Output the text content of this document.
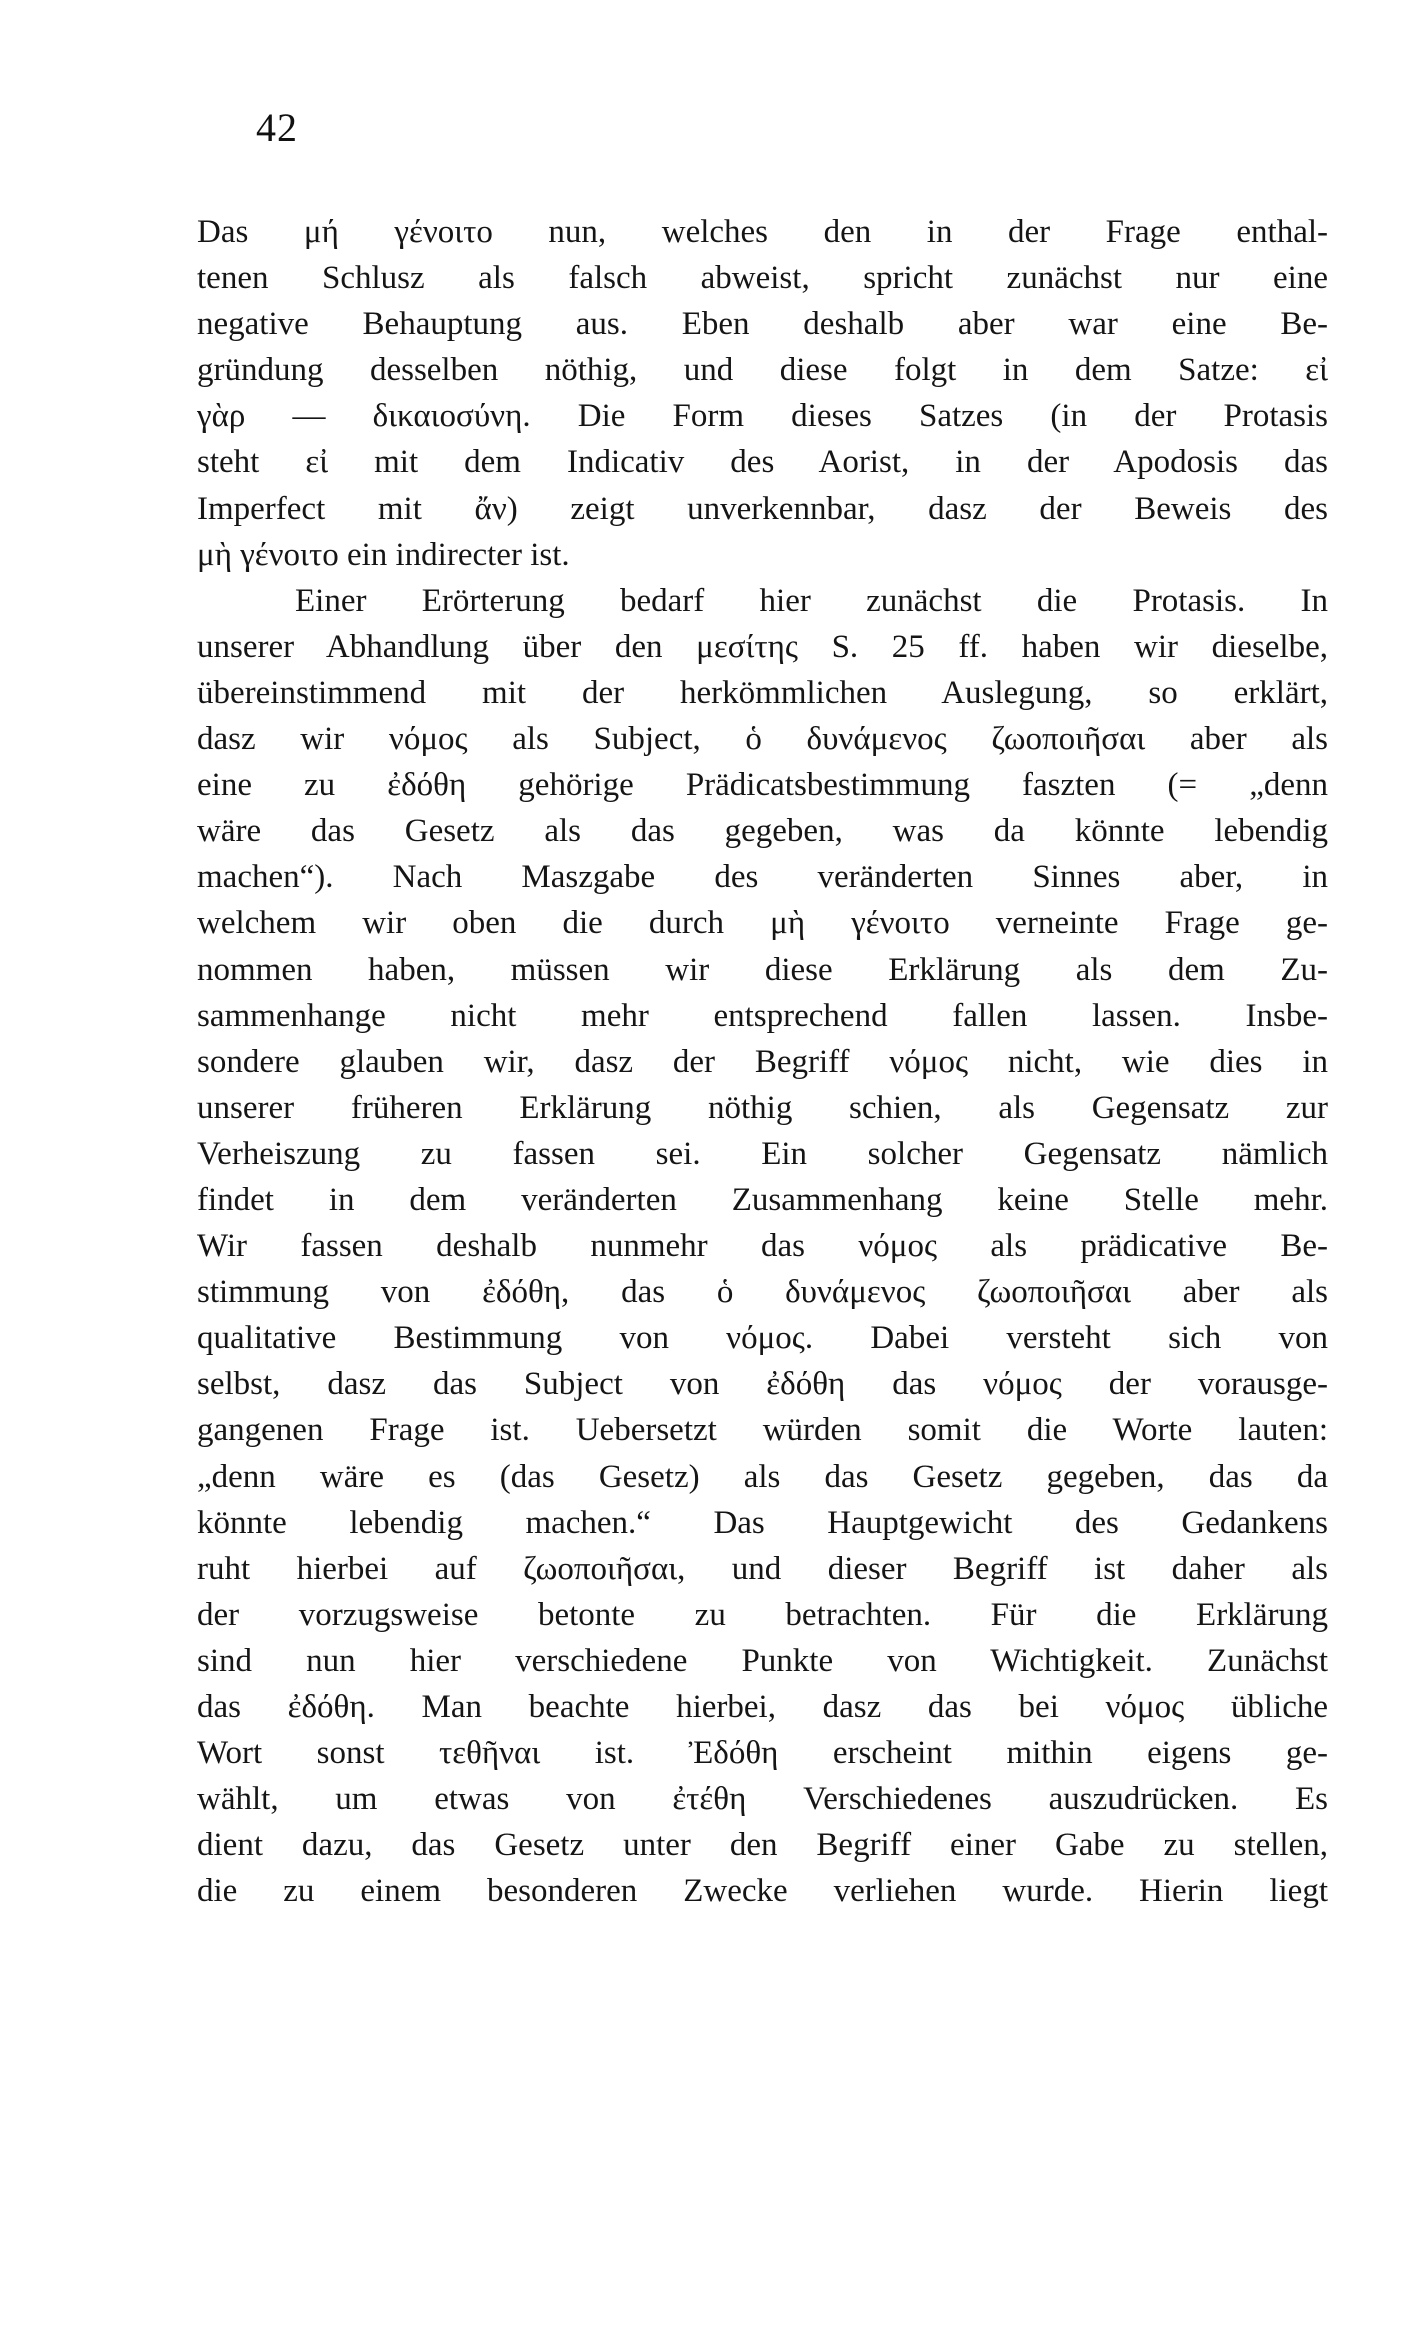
42
Das μή γένοιτο nun, welches den in der Frage enthal-
tenen Schlusz als falsch abweist, spricht zunächst nur eine
negative Behauptung aus. Eben deshalb aber war eine Be-
gründung desselben nöthig, und diese folgt in dem Satze: εἰ
γὰρ — δικαιοσύνη. Die Form dieses Satzes (in der Protasis
steht εἰ mit dem Indicativ des Aorist, in der Apodosis das
Imperfect mit ἄν) zeigt unverkennbar, dasz der Beweis des
μὴ γένοιτο ein indirecter ist.
Einer Erörterung bedarf hier zunächst die Protasis. In
unserer Abhandlung über den μεσίτης S. 25 ff. haben wir dieselbe,
übereinstimmend mit der herkömmlichen Auslegung, so erklärt,
dasz wir νόμος als Subject, ὁ δυνάμενος ζωοποιῆσαι aber als
eine zu ἐδόθη gehörige Prädicatsbestimmung faszten (= „denn
wäre das Gesetz als das gegeben, was da könnte lebendig
machen“). Nach Maszgabe des veränderten Sinnes aber, in
welchem wir oben die durch μὴ γένοιτο verneinte Frage ge-
nommen haben, müssen wir diese Erklärung als dem Zu-
sammenhange nicht mehr entsprechend fallen lassen. Insbe-
sondere glauben wir, dasz der Begriff νόμος nicht, wie dies in
unserer früheren Erklärung nöthig schien, als Gegensatz zur
Verheiszung zu fassen sei. Ein solcher Gegensatz nämlich
findet in dem veränderten Zusammenhang keine Stelle mehr.
Wir fassen deshalb nunmehr das νόμος als prädicative Be-
stimmung von ἐδόθη, das ὁ δυνάμενος ζωοποιῆσαι aber als
qualitative Bestimmung von νόμος. Dabei versteht sich von
selbst, dasz das Subject von ἐδόθη das νόμος der vorausge-
gangenen Frage ist. Uebersetzt würden somit die Worte lauten:
„denn wäre es (das Gesetz) als das Gesetz gegeben, das da
könnte lebendig machen.“ Das Hauptgewicht des Gedankens
ruht hierbei auf ζωοποιῆσαι, und dieser Begriff ist daher als
der vorzugsweise betonte zu betrachten. Für die Erklärung
sind nun hier verschiedene Punkte von Wichtigkeit. Zunächst
das ἐδόθη. Man beachte hierbei, dasz das bei νόμος übliche
Wort sonst τεθῆναι ist. Ἐδόθη erscheint mithin eigens ge-
wählt, um etwas von ἐτέθη Verschiedenes auszudrücken. Es
dient dazu, das Gesetz unter den Begriff einer Gabe zu stellen,
die zu einem besonderen Zwecke verliehen wurde. Hierin liegt
